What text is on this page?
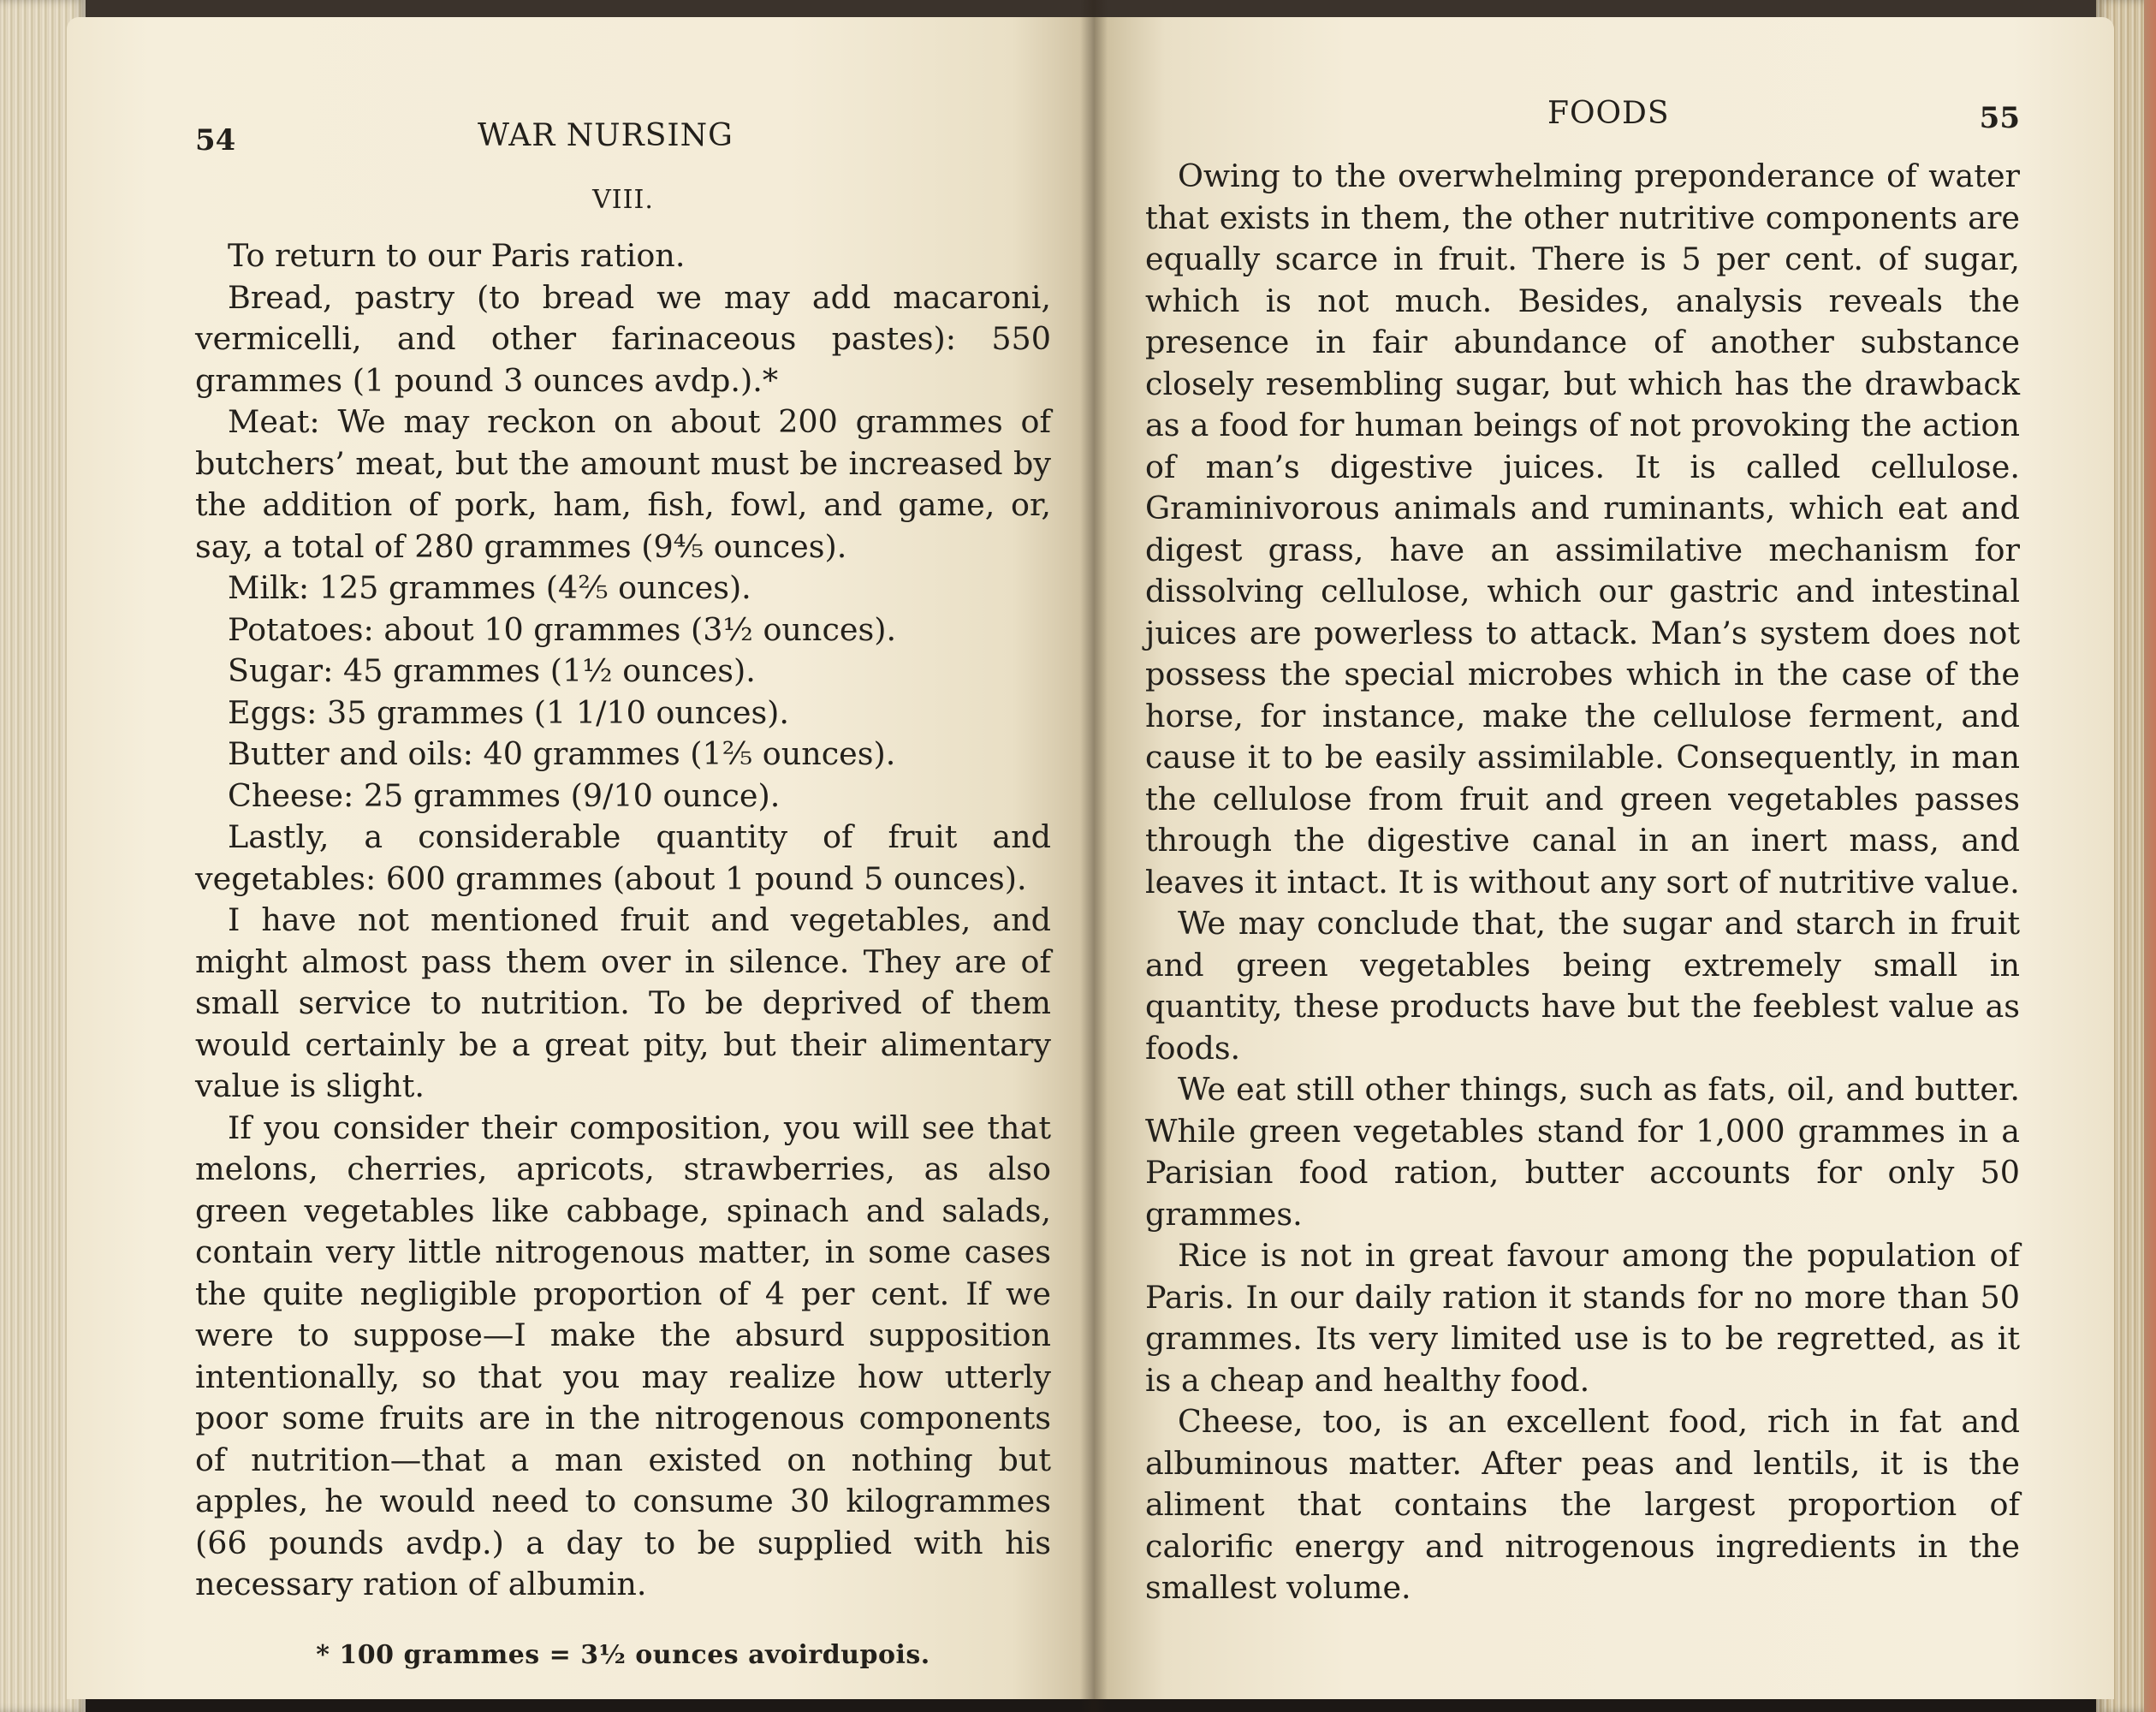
54	WAR NURSING
VIII.

To return to our Paris ration.

Bread, pastry (to bread we may add macaroni, vermicelli, and other farinaceous pastes): 550 grammes (1 pound 3 ounces avdp.).*

Meat: We may reckon on about 200 grammes of butchers’ meat, but the amount must be increased by the addition of pork, ham, fish, fowl, and game, or, say, a total of 280 grammes (9⅘ ounces).

Milk: 125 grammes (4⅖ ounces).

Potatoes: about 10 grammes (3½ ounces).

Sugar: 45 grammes (1½ ounces).

Eggs: 35 grammes (1 1/10 ounces).

Butter and oils: 40 grammes (1⅖ ounces).

Cheese: 25 grammes (9/10 ounce).

Lastly, a considerable quantity of fruit and vegetables: 600 grammes (about 1 pound 5 ounces).

I have not mentioned fruit and vegetables, and might almost pass them over in silence. They are of small service to nutrition. To be deprived of them would certainly be a great pity, but their alimentary value is slight.

If you consider their composition, you will see that melons, cherries, apricots, strawberries, as also green vegetables like cabbage, spinach and salads, contain very little nitrogenous matter, in some cases the quite negligible proportion of 4 per cent. If we were to suppose—I make the absurd supposition intentionally, so that you may realize how utterly poor some fruits are in the nitrogenous components of nutrition—that a man existed on nothing but apples, he would need to consume 30 kilogrammes (66 pounds avdp.) a day to be supplied with his necessary ration of albumin.

* 100 grammes = 3½ ounces avoirdupois.
FOODS	55

Owing to the overwhelming preponderance of water that exists in them, the other nutritive components are equally scarce in fruit. There is 5 per cent. of sugar, which is not much. Besides, analysis reveals the presence in fair abundance of another substance closely resembling sugar, but which has the drawback as a food for human beings of not provoking the action of man’s digestive juices. It is called cellulose. Graminivorous animals and ruminants, which eat and digest grass, have an assimilative mechanism for dissolving cellulose, which our gastric and intestinal juices are powerless to attack. Man’s system does not possess the special microbes which in the case of the horse, for instance, make the cellulose ferment, and cause it to be easily assimilable. Consequently, in man the cellulose from fruit and green vegetables passes through the digestive canal in an inert mass, and leaves it intact. It is without any sort of nutritive value.

We may conclude that, the sugar and starch in fruit and green vegetables being extremely small in quantity, these products have but the feeblest value as foods.

We eat still other things, such as fats, oil, and butter. While green vegetables stand for 1,000 grammes in a Parisian food ration, butter accounts for only 50 grammes.

Rice is not in great favour among the population of Paris. In our daily ration it stands for no more than 50 grammes. Its very limited use is to be regretted, as it is a cheap and healthy food.

Cheese, too, is an excellent food, rich in fat and albuminous matter. After peas and lentils, it is the aliment that contains the largest proportion of calorific energy and nitrogenous ingredients in the smallest volume.
